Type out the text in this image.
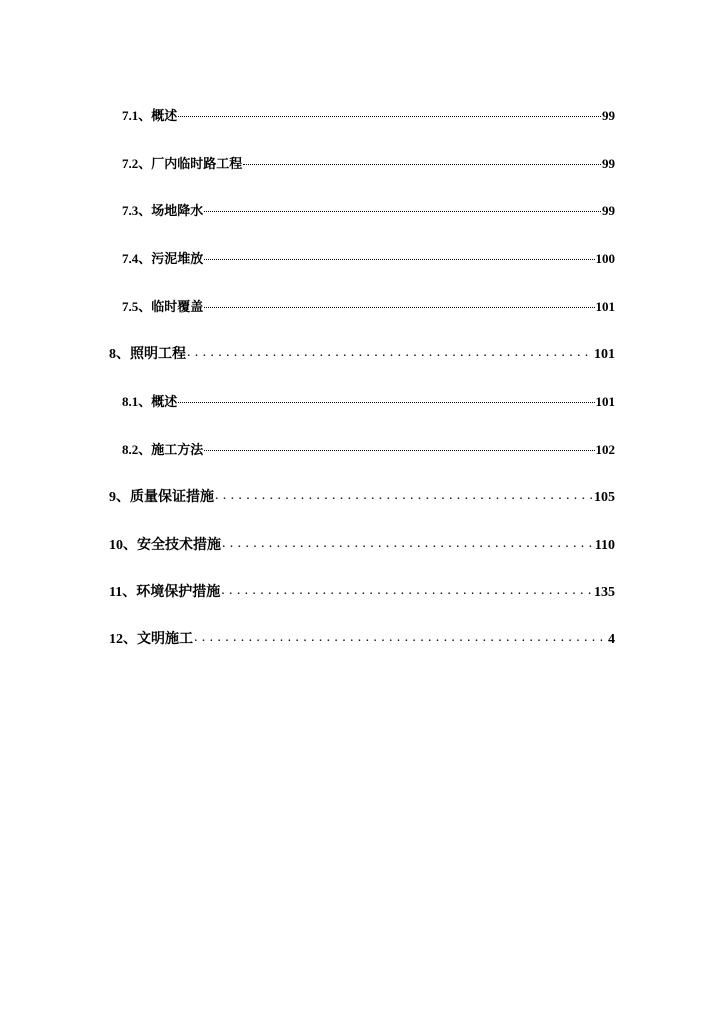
7.1、概述	99
7.2、厂内临时路工程	99
7.3、场地降水	99
7.4、污泥堆放	100
7.5、临时覆盖	101
8、照明工程 . . .	101
8.1、概述	101
8.2、施工方法	102
9、质量保证措施 . . .	105
10、安全技术措施 . . .	110
11、环境保护措施 . . .	135
12、文明施工 . . .	4
